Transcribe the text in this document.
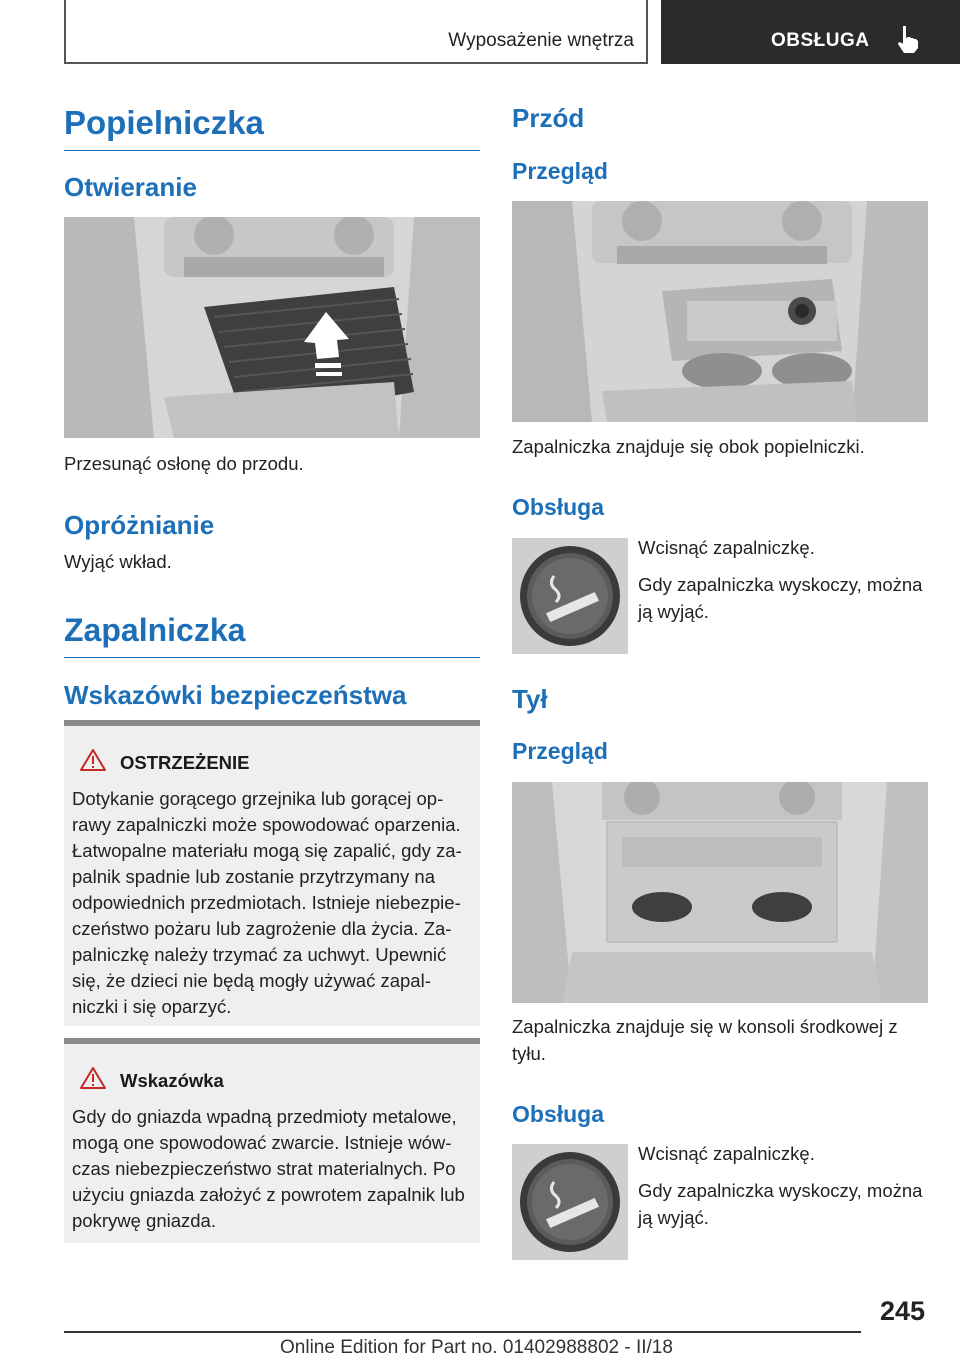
Wyposażenie wnętrza	OBSŁUGA
Popielniczka
Otwieranie
Przesunąć osłonę do przodu.
Opróżnianie
Wyjąć wkład.
Zapalniczka
Wskazówki bezpieczeństwa
OSTRZEŻENIE
Dotykanie gorącego grzejnika lub gorącej op-rawy zapalniczki może spowodować oparzenia. Łatwopalne materiału mogą się zapalić, gdy za-palnik spadnie lub zostanie przytrzymany na odpowiednich przedmiotach. Istnieje niebezpie-czeństwo pożaru lub zagrożenie dla życia. Za-palniczkę należy trzymać za uchwyt. Upewnić się, że dzieci nie będą mogły używać zapal-niczki i się oparzyć.
Wskazówka
Gdy do gniazda wpadną przedmioty metalowe, mogą one spowodować zwarcie. Istnieje wów-czas niebezpieczeństwo strat materialnych. Po użyciu gniazda założyć z powrotem zapalnik lub pokrywę gniazda.
Przód
Przegląd
Zapalniczka znajduje się obok popielniczki.
Obsługa

Wcisnąć zapalniczkę.

Gdy zapalniczka wyskoczy, można ją wyjąć.

Tył
Przegląd
Zapalniczka znajduje się w konsoli środkowej z tyłu.
Obsługa

Wcisnąć zapalniczkę.

Gdy zapalniczka wyskoczy, można ją wyjąć.

245
Online Edition for Part no. 01402988802 - II/18
